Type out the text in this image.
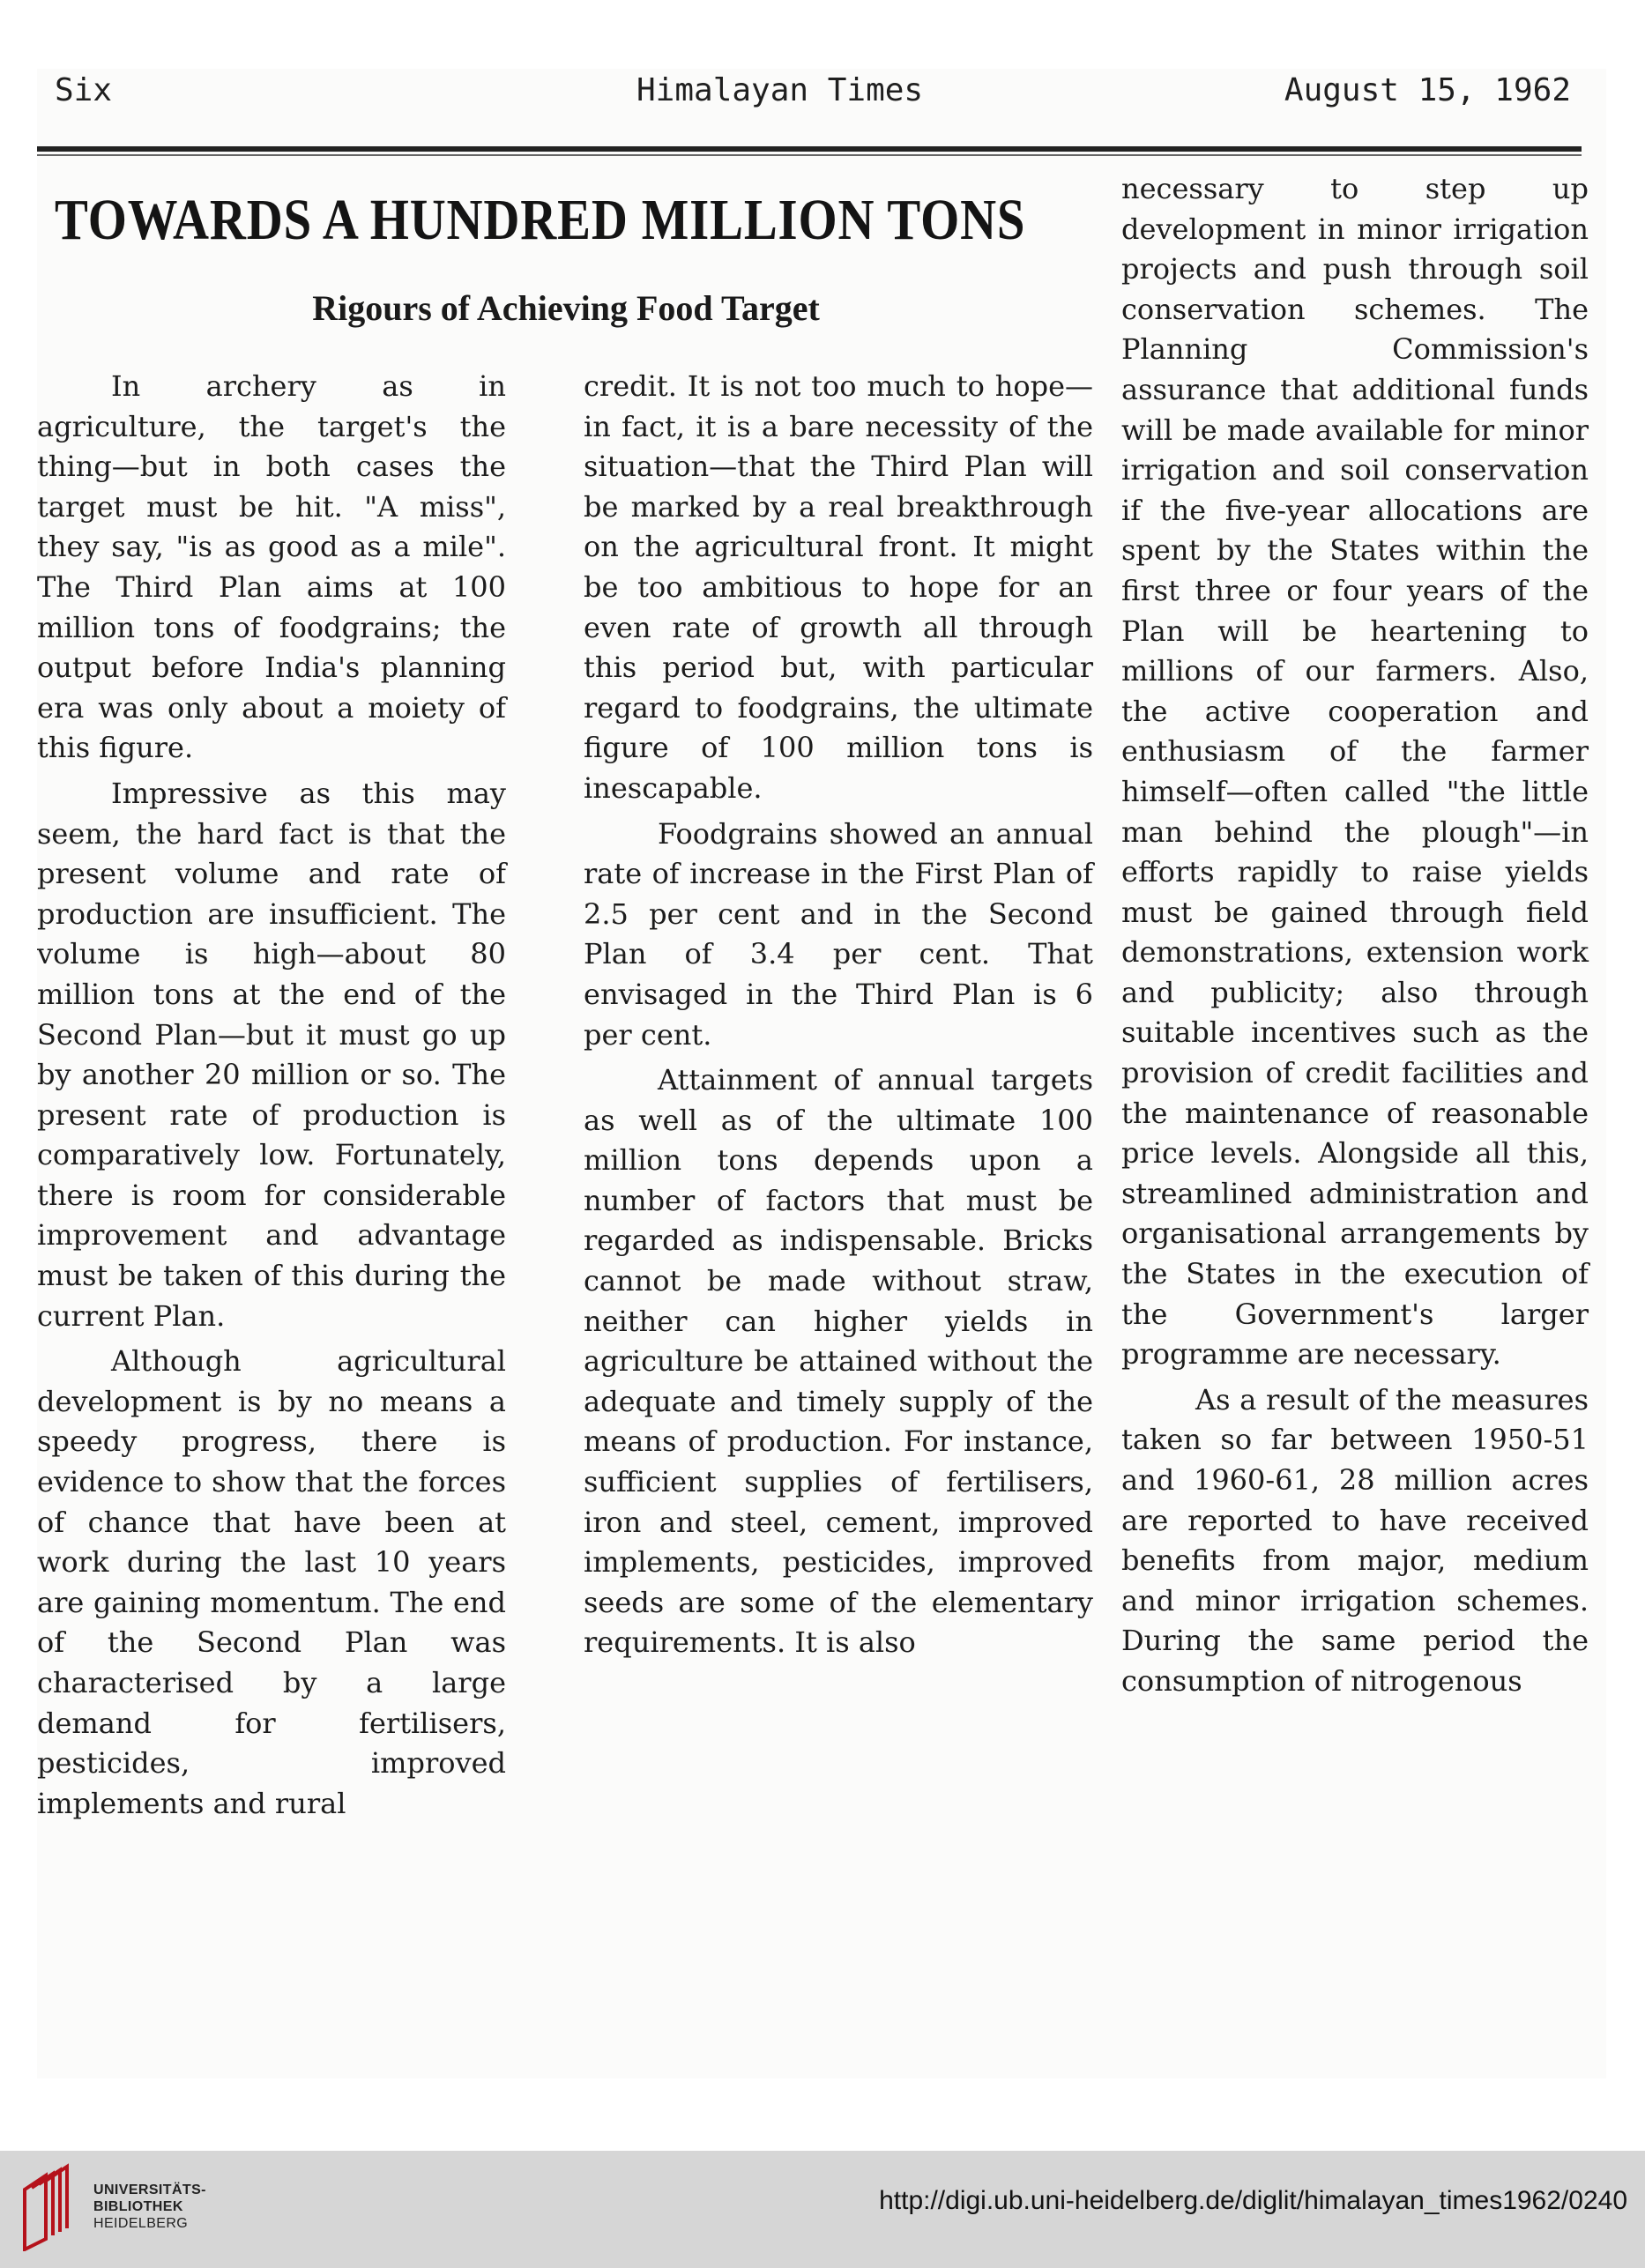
Six	Himalayan Times	August 15, 1962
TOWARDS A HUNDRED MILLION TONS
Rigours of Achieving Food Target

In archery as in agriculture, the target's the thing—but in both cases the target must be hit. "A miss", they say, "is as good as a mile". The Third Plan aims at 100 million tons of foodgrains; the output before India's planning era was only about a moiety of this figure.

Impressive as this may seem, the hard fact is that the present volume and rate of production are insufficient. The volume is high—about 80 million tons at the end of the Second Plan—but it must go up by another 20 million or so. The present rate of production is comparatively low. Fortunately, there is room for considerable improvement and advantage must be taken of this during the current Plan.

Although agricultural development is by no means a speedy progress, there is evidence to show that the forces of chance that have been at work during the last 10 years are gaining momentum. The end of the Second Plan was characterised by a large demand for fertilisers, pesticides, improved implements and rural

credit. It is not too much to hope—in fact, it is a bare necessity of the situation—that the Third Plan will be marked by a real breakthrough on the agricultural front. It might be too ambitious to hope for an even rate of growth all through this period but, with particular regard to foodgrains, the ultimate figure of 100 million tons is inescapable.

Foodgrains showed an annual rate of increase in the First Plan of 2.5 per cent and in the Second Plan of 3.4 per cent. That envisaged in the Third Plan is 6 per cent.

Attainment of annual targets as well as of the ultimate 100 million tons depends upon a number of factors that must be regarded as indispensable. Bricks cannot be made without straw, neither can higher yields in agriculture be attained without the adequate and timely supply of the means of production. For instance, sufficient supplies of fertilisers, iron and steel, cement, improved implements, pesticides, improved seeds are some of the elementary requirements. It is also

necessary to step up development in minor irrigation projects and push through soil conservation schemes. The Planning Commission's assurance that additional funds will be made available for minor irrigation and soil conservation if the five-year allocations are spent by the States within the first three or four years of the Plan will be heartening to millions of our farmers. Also, the active cooperation and enthusiasm of the farmer himself—often called "the little man behind the plough"—in efforts rapidly to raise yields must be gained through field demonstrations, extension work and publicity; also through suitable incentives such as the provision of credit facilities and the maintenance of reasonable price levels. Alongside all this, streamlined administration and organisational arrangements by the States in the execution of the Government's larger programme are necessary.

As a result of the measures taken so far between 1950-51 and 1960-61, 28 million acres are reported to have received benefits from major, medium and minor irrigation schemes. During the same period the consumption of nitrogenous

UNIVERSITÄTS-
BIBLIOTHEK
HEIDELBERG
http://digi.ub.uni-heidelberg.de/diglit/himalayan_times1962/0240
